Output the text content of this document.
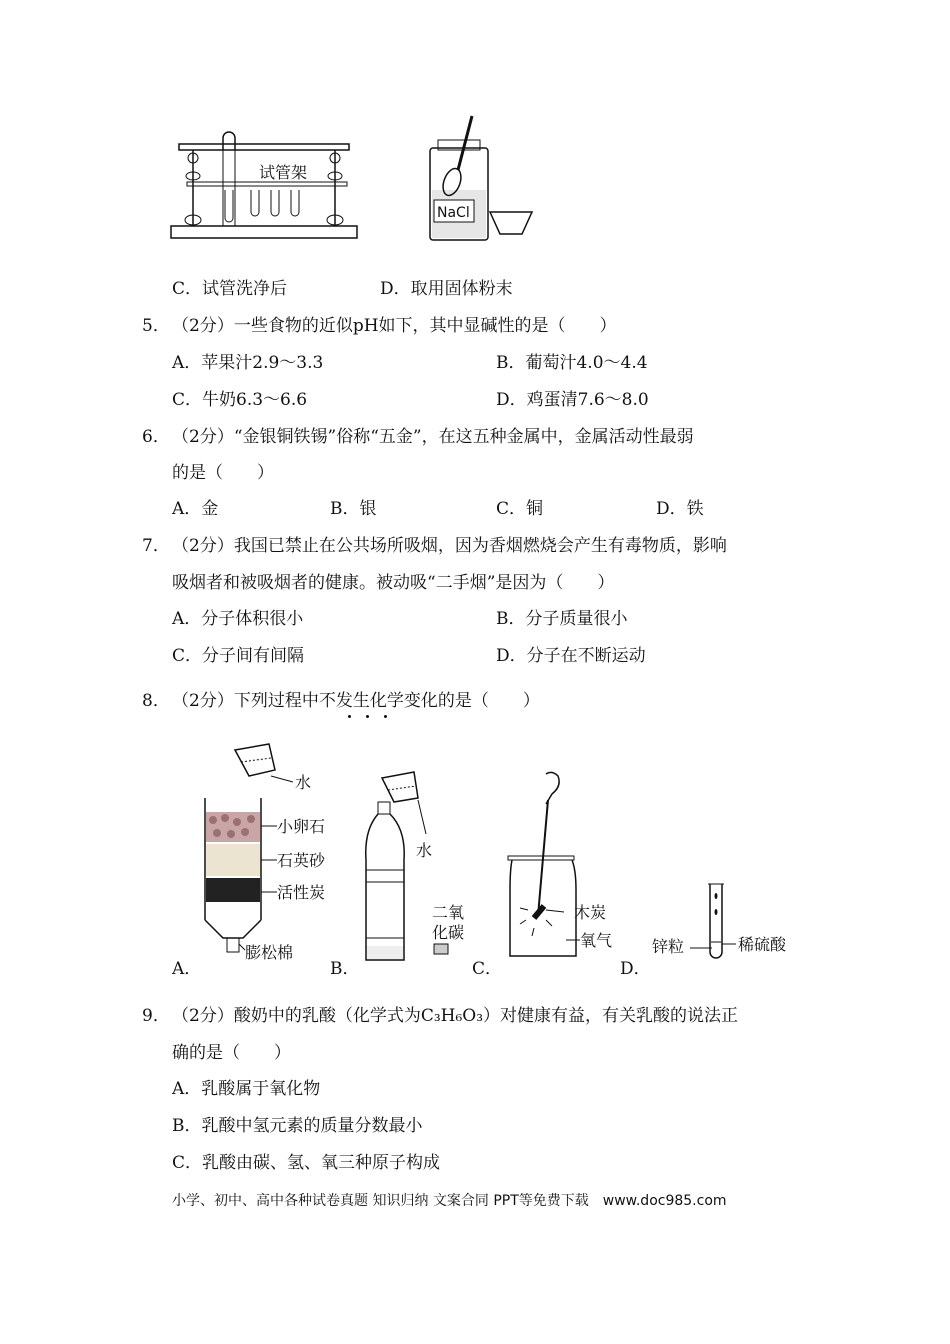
试管架
NaCl
C．试管洗净后	D．取用固体粉末
5． （2分）一些食物的近似pH如下，其中显碱性的是（　　）
A．苹果汁2.9～3.3	B．葡萄汁4.0～4.4
C．牛奶6.3～6.6	D．鸡蛋清7.6～8.0
6． （2分）“金银铜铁锡”俗称“五金”，在这五种金属中，金属活动性最弱
的是（　　）
A．金	B．银	C．铜	D．铁
7． （2分）我国已禁止在公共场所吸烟，因为香烟燃烧会产生有毒物质，影响
吸烟者和被吸烟者的健康。被动吸“二手烟”是因为（　　）
A．分子体积很小	B．分子质量很小
C．分子间有间隔	D．分子在不断运动
8． （2分）下列过程中不发生化学变化的是（　　）
水
小卵石
石英砂
活性炭
膨松棉
A．
水
二氧
化碳
B．
木炭
氧气
C．
锌粒	稀硫酸
D．
9． （2分）酸奶中的乳酸（化学式为C₃H₆O₃）对健康有益，有关乳酸的说法正
确的是（　　）
A．乳酸属于氧化物
B．乳酸中氢元素的质量分数最小
C．乳酸由碳、氢、氧三种原子构成
小学、初中、高中各种试卷真题 知识归纳 文案合同 PPT等免费下载　www.doc985.com
